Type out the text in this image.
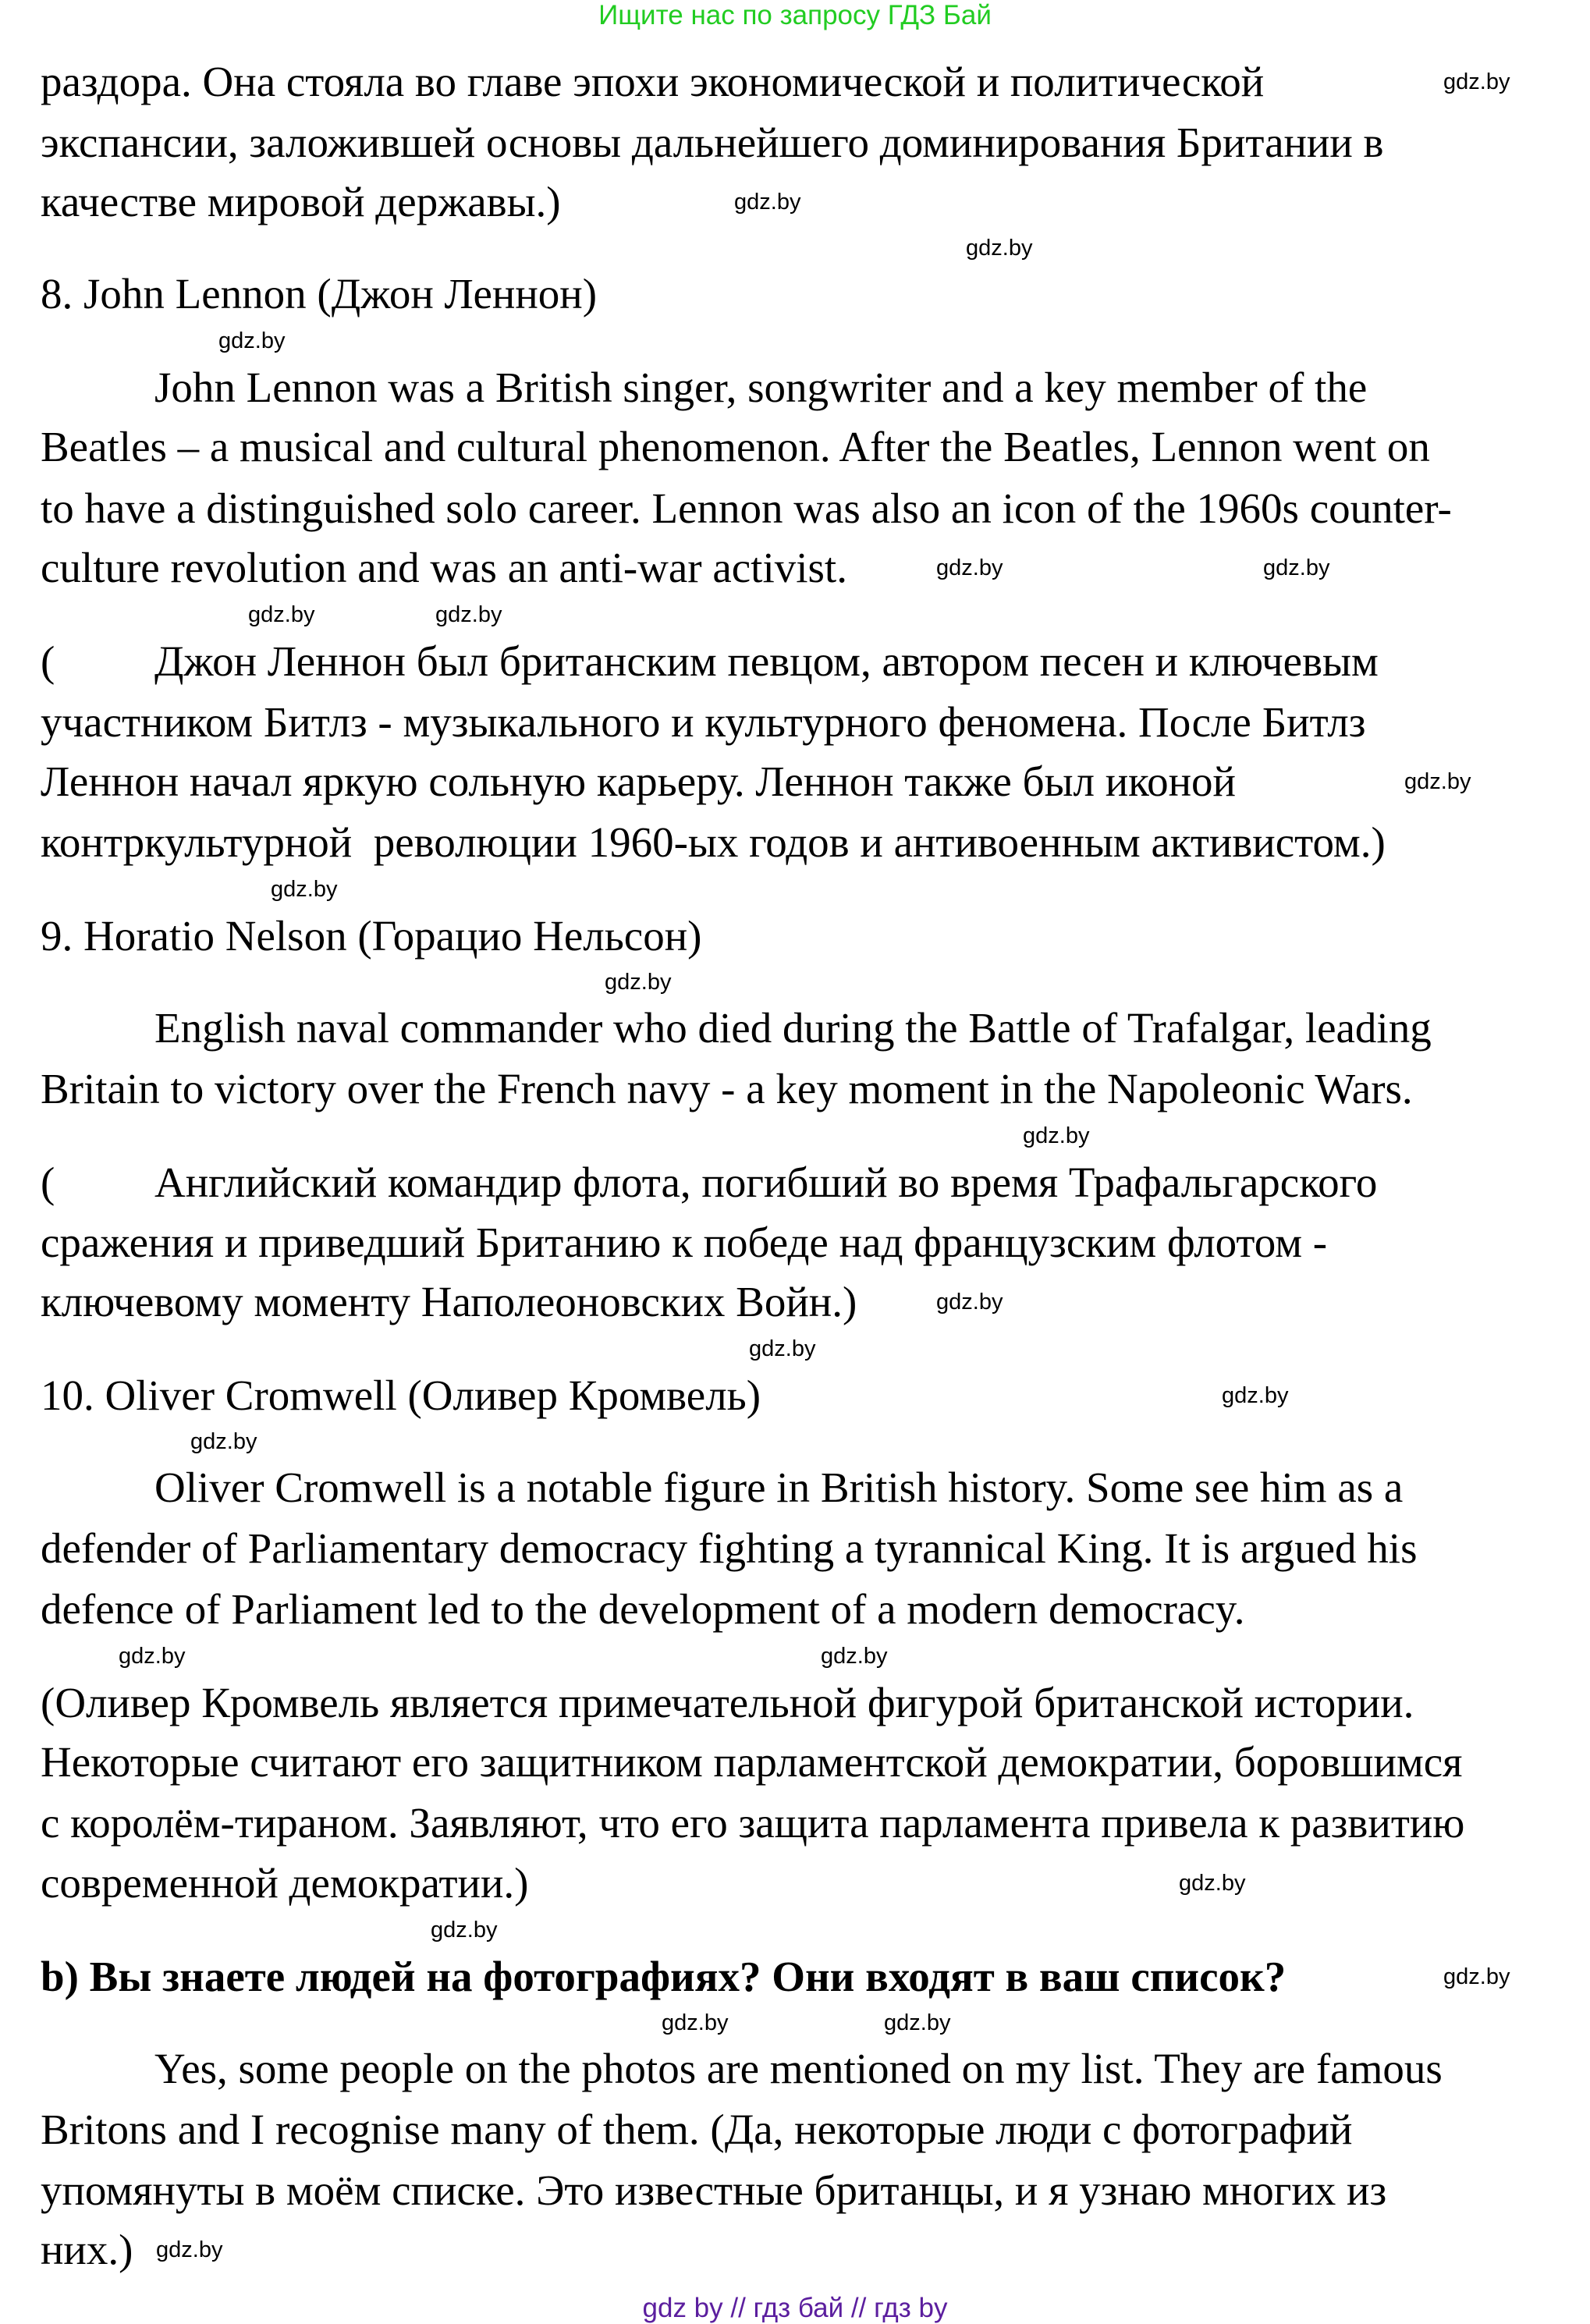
Ищите нас по запросу ГДЗ Бай
раздора. Она стояла во главе эпохи экономической и политической
экспансии, заложившей основы дальнейшего доминирования Британии в
качестве мировой державы.)
8. John Lennon (Джон Леннон)
John Lennon was a British singer, songwriter and a key member of the
Beatles – a musical and cultural phenomenon. After the Beatles, Lennon went on
to have a distinguished solo career. Lennon was also an icon of the 1960s counter-
culture revolution and was an anti-war activist.
Джон Леннон был британским певцом, автором песен и ключевым
участником Битлз - музыкального и культурного феномена. После Битлз
Леннон начал яркую сольную карьеру. Леннон также был иконой
контркультурной  революции 1960-ых годов и антивоенным активистом.)
9. Horatio Nelson (Горацио Нельсон)
English naval commander who died during the Battle of Trafalgar, leading
Britain to victory over the French navy - a key moment in the Napoleonic Wars.
Английский командир флота, погибший во время Трафальгарского
сражения и приведший Британию к победе над французским флотом -
ключевому моменту Наполеоновских Войн.)
10. Oliver Cromwell (Оливер Кромвель)
Oliver Cromwell is a notable figure in British history. Some see him as a
defender of Parliamentary democracy fighting a tyrannical King. It is argued his
defence of Parliament led to the development of a modern democracy.
(Оливер Кромвель является примечательной фигурой британской истории.
Некоторые считают его защитником парламентской демократии, боровшимся
с королём-тираном. Заявляют, что его защита парламента привела к развитию
современной демократии.)
b) Вы знаете людей на фотографиях? Они входят в ваш список?
Yes, some people on the photos are mentioned on my list. They are famous
Britons and I recognise many of them. (Да, некоторые люди с фотографий
упомянуты в моём списке. Это известные британцы, и я узнаю многих из
них.)
(
(
gdz.by
gdz.by
gdz.by
gdz.by
gdz.by	gdz.by
gdz.by	gdz.by
gdz.by
gdz.by
gdz.by
gdz.by
gdz.by
gdz.by
gdz.by
gdz.by
gdz.by	gdz.by
gdz.by
gdz.by
gdz.by
gdz.by	gdz.by
gdz.by
gdz by // гдз бай // гдз by
